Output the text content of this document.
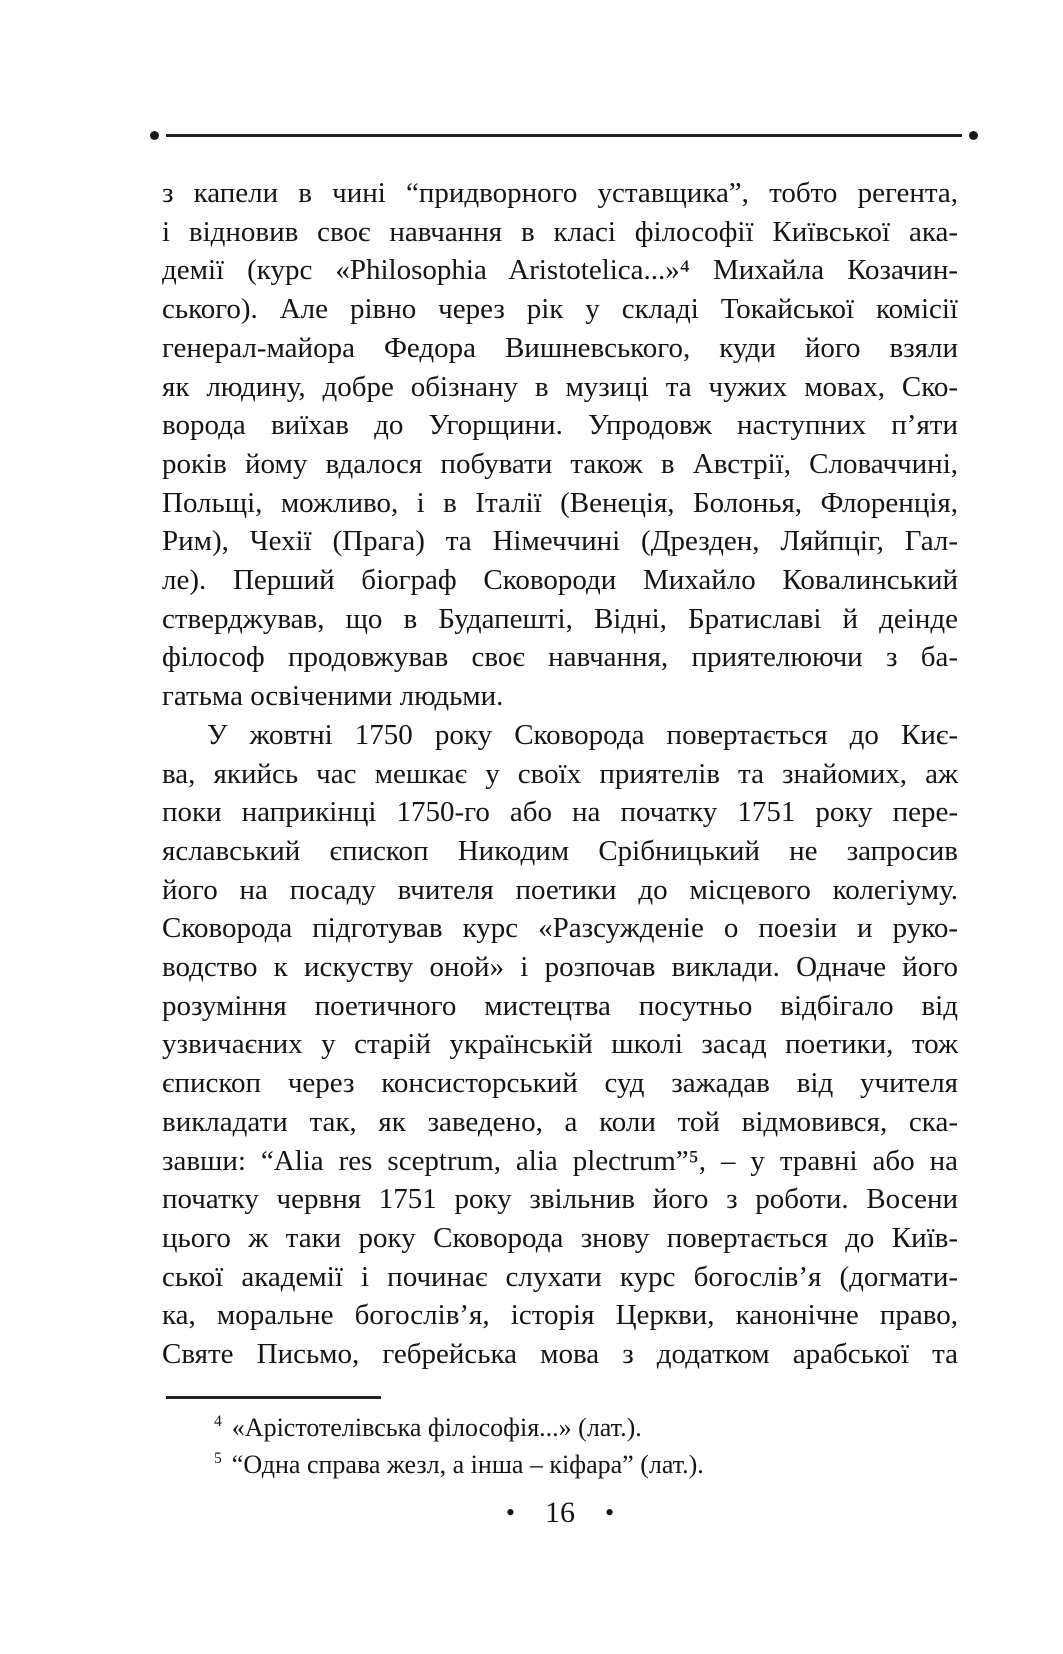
з капели в чині “придворного уставщика”, тобто регента,
і відновив своє навчання в класі філософії Київської ака-
демії (курс «Philosophia Aristotelica...»⁴ Михайла Козачин-
ського). Але рівно через рік у складі Токайської комісії
генерал-майора Федора Вишневського, куди його взяли
як людину, добре обізнану в музиці та чужих мовах, Ско-
ворода виїхав до Угорщини. Упродовж наступних п’яти
років йому вдалося побувати також в Австрії, Словаччині,
Польщі, можливо, і в Італії (Венеція, Болонья, Флоренція,
Рим), Чехії (Прага) та Німеччині (Дрезден, Ляйпціг, Гал-
ле). Перший біограф Сковороди Михайло Ковалинський
стверджував, що в Будапешті, Відні, Братиславі й деінде
філософ продовжував своє навчання, приятелюючи з ба-
гатьма освіченими людьми.
У жовтні 1750 року Сковорода повертається до Киє-
ва, якийсь час мешкає у своїх приятелів та знайомих, аж
поки наприкінці 1750-го або на початку 1751 року пере-
яславський єпископ Никодим Срібницький не запросив
його на посаду вчителя поетики до місцевого колегіуму.
Сковорода підготував курс «Разсужденіе о поезіи и руко-
водство к искуству оной» і розпочав виклади. Одначе його
розуміння поетичного мистецтва посутньо відбігало від
узвичаєних у старій українській школі засад поетики, тож
єпископ через консисторський суд зажадав від учителя
викладати так, як заведено, а коли той відмовився, ска-
завши: “Alia res sceptrum, alia plectrum”⁵, – у травні або на
початку червня 1751 року звільнив його з роботи. Восени
цього ж таки року Сковорода знову повертається до Київ-
ської академії і починає слухати курс богослів’я (догмати-
ка, моральне богослів’я, історія Церкви, канонічне право,
Святе Письмо, гебрейська мова з додатком арабської та
$^4$ «Арістотелівська філософія...» (лат.).
$^5$ “Одна справа жезл, а інша – кіфара” (лат.).
• 16 •
